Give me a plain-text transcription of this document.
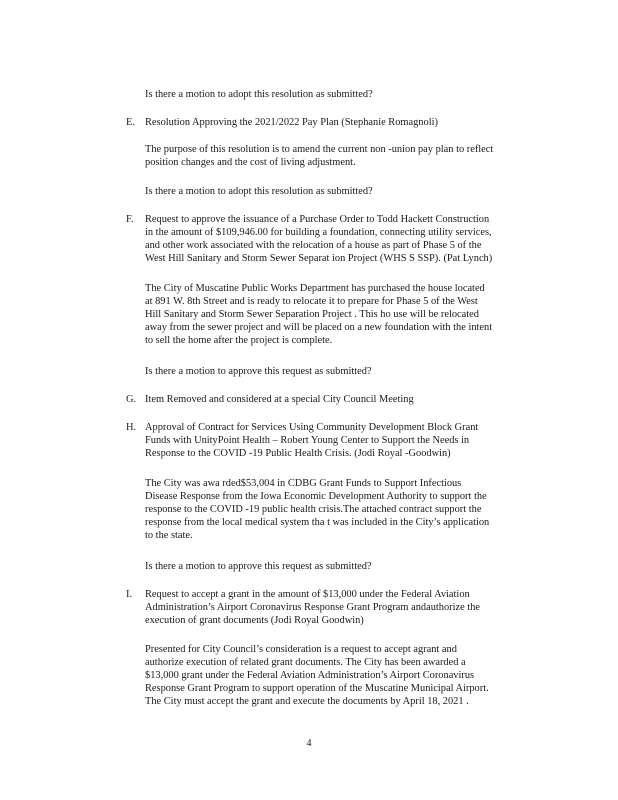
Is there a motion to adopt this resolution as submitted?

E. Resolution Approving the 2021/2022 Pay Plan (Stephanie Romagnoli)

The purpose of this resolution is to amend the current non -union pay plan to reflect
position changes and the cost of living adjustment.

Is there a motion to adopt this resolution as submitted?

F. Request to approve the issuance of a Purchase Order to Todd Hackett Construction
in the amount of $109,946.00 for building a foundation, connecting utility services,
and other work associated with the relocation of a house as part of Phase 5 of the
West Hill Sanitary and Storm Sewer Separat ion Project (WHS S SSP). (Pat Lynch)

The City of Muscatine Public Works Department has purchased the house located
at 891 W. 8th Street and is ready to relocate it to prepare for Phase 5 of the West
Hill Sanitary and Storm Sewer Separation Project . This ho use will be relocated
away from the sewer project and will be placed on a new foundation with the intent
to sell the home after the project is complete.

Is there a motion to approve this request as submitted?

G. Item Removed and considered at a special City Council Meeting

H. Approval of Contract for Services Using Community Development Block Grant
Funds with UnityPoint Health – Robert Young Center to Support the Needs in
Response to the COVID -19 Public Health Crisis. (Jodi Royal -Goodwin)

The City was awa rded$53,004 in CDBG Grant Funds to Support Infectious
Disease Response from the Iowa Economic Development Authority to support the
response to the COVID -19 public health crisis.The attached contract support the
response from the local medical system tha t was included in the City’s application
to the state.

Is there a motion to approve this request as submitted?

I. Request to accept a grant in the amount of $13,000 under the Federal Aviation
Administration’s Airport Coronavirus Response Grant Program andauthorize the
execution of grant documents (Jodi Royal Goodwin)

Presented for City Council’s consideration is a request to accept agrant and
authorize execution of related grant documents. The City has been awarded a
$13,000 grant under the Federal Aviation Administration’s Airport Coronavirus
Response Grant Program to support operation of the Muscatine Municipal Airport.
The City must accept the grant and execute the documents by April 18, 2021 .

4
